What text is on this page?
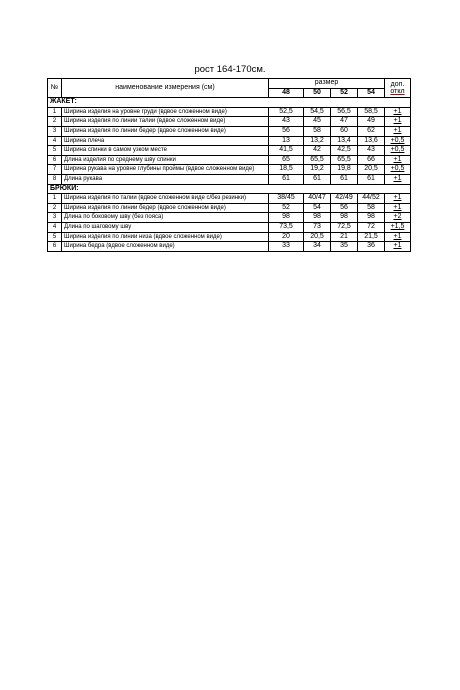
рост 164-170см.
№	наименование измерения (см)	размер				доп.
откл

		48	50	52	54	
ЖАКЕТ:						
1	Ширина изделия на уровне груди (вдвое сложенном виде)	52,5	54,5	56,5	58,5	+1
2	Ширина изделия по линии талии (вдвое сложенном виде)	43	45	47	49	+1
3	Ширина изделия по линии бедер (вдвое сложенном виде)	56	58	60	62	+1
4	Ширина плеча	13	13,2	13,4	13,6	+0,5
5	Ширина спинки в самом узком месте	41,5	42	42,5	43	+0,5
6	Длина изделия по среднему шву спинки	65	65,5	65,5	66	+1
7	Ширина рукава на уровне глубины проймы (вдвое сложенном виде)	18,5	19,2	19,8	20,5	+0,5
8	Длина рукава	61	61	61	61	+1
БРЮКИ:						
1	Ширина изделия по талии (вдвое сложенном виде с/без резинки)	38/45	40/47	42/49	44/52	+1
2	Ширина изделия по линии бедер (вдвое сложенном виде)	52	54	56	58	+1
3	Длина по боковому шву (без пояса)	98	98	98	98	+2
4	Длина по шаговому шву	73,5	73	72,5	72	+1,5
5	Ширина изделия по линии низа (вдвое сложенном виде)	20	20,5	21	21,5	+1
6	Ширина бедра (вдвое сложенном виде)	33	34	35	36	+1
